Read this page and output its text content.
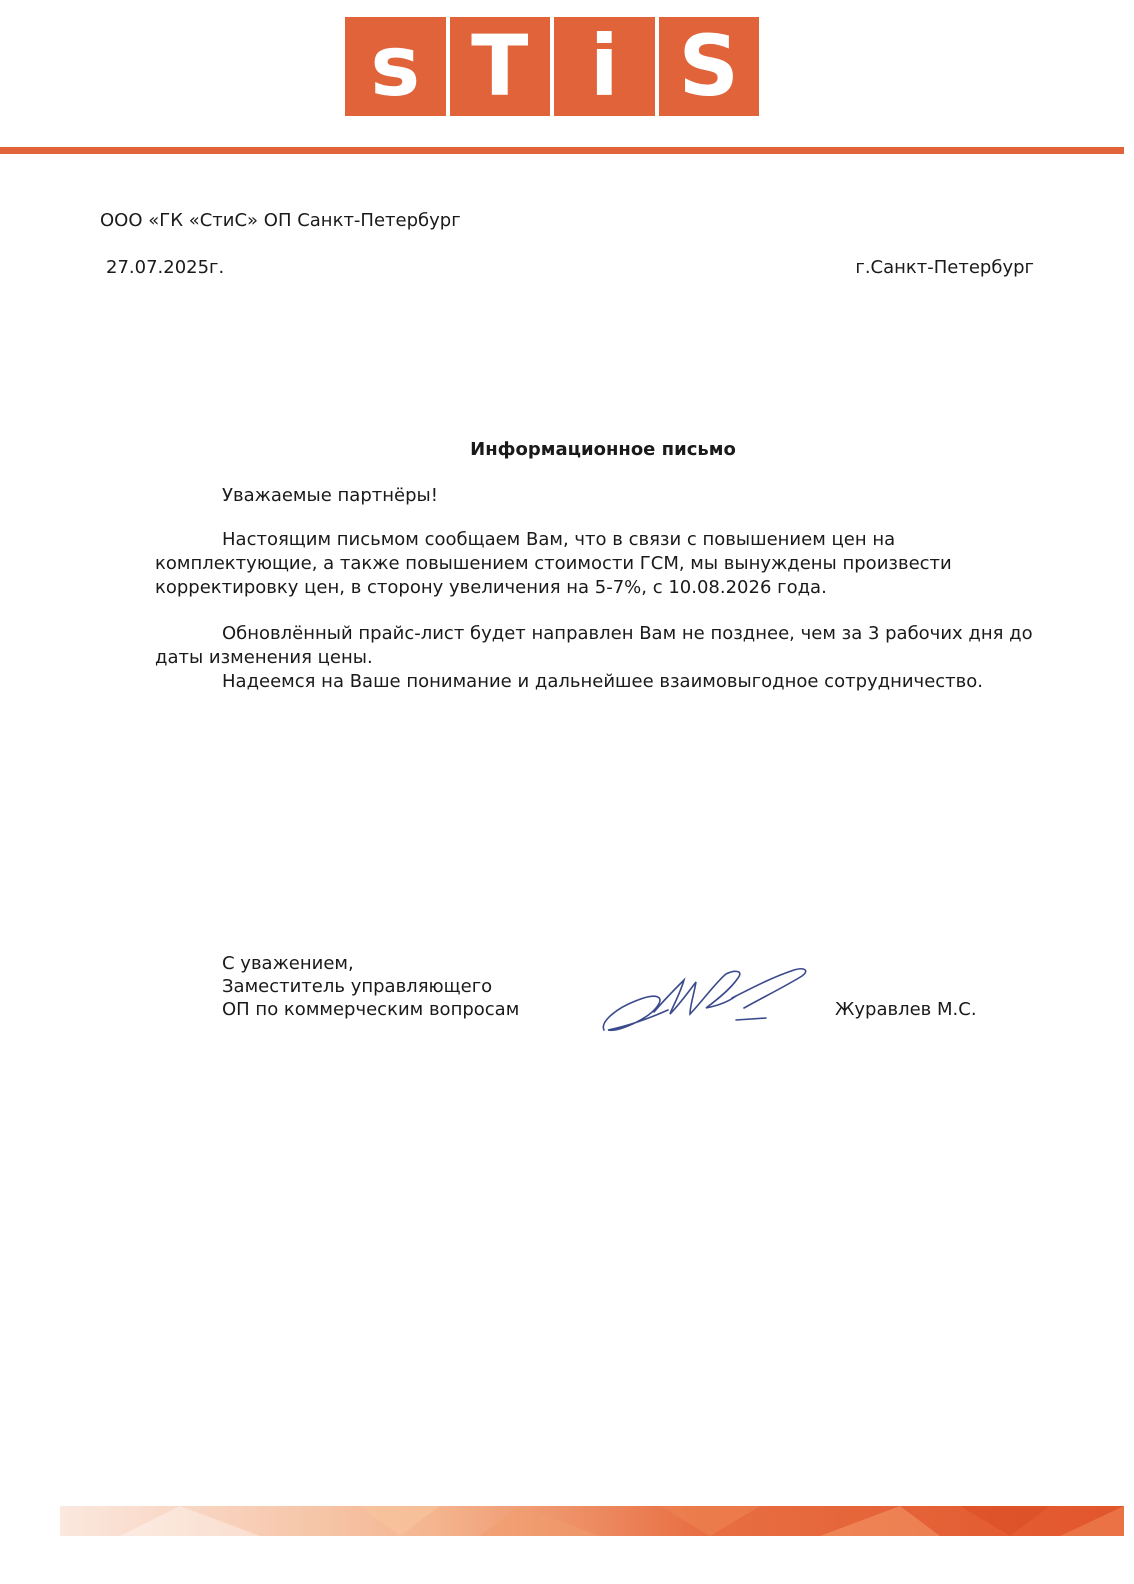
s T i S
ООО «ГК «СтиС» ОП Санкт-Петербург
27.07.2025г.	г.Санкт-Петербург
Информационное письмо

Уважаемые партнёры!

Настоящим письмом сообщаем Вам, что в связи с повышением цен на комплектующие, а также повышением стоимости ГСМ, мы вынуждены произвести корректировку цен, в сторону увеличения на 5-7%, с 10.08.2026 года.

Обновлённый прайс-лист будет направлен Вам не позднее, чем за 3 рабочих дня до даты изменения цены.

Надеемся на Ваше понимание и дальнейшее взаимовыгодное сотрудничество.

С уважением,
Заместитель управляющего
ОП по коммерческим вопросам	Журавлев М.С.
